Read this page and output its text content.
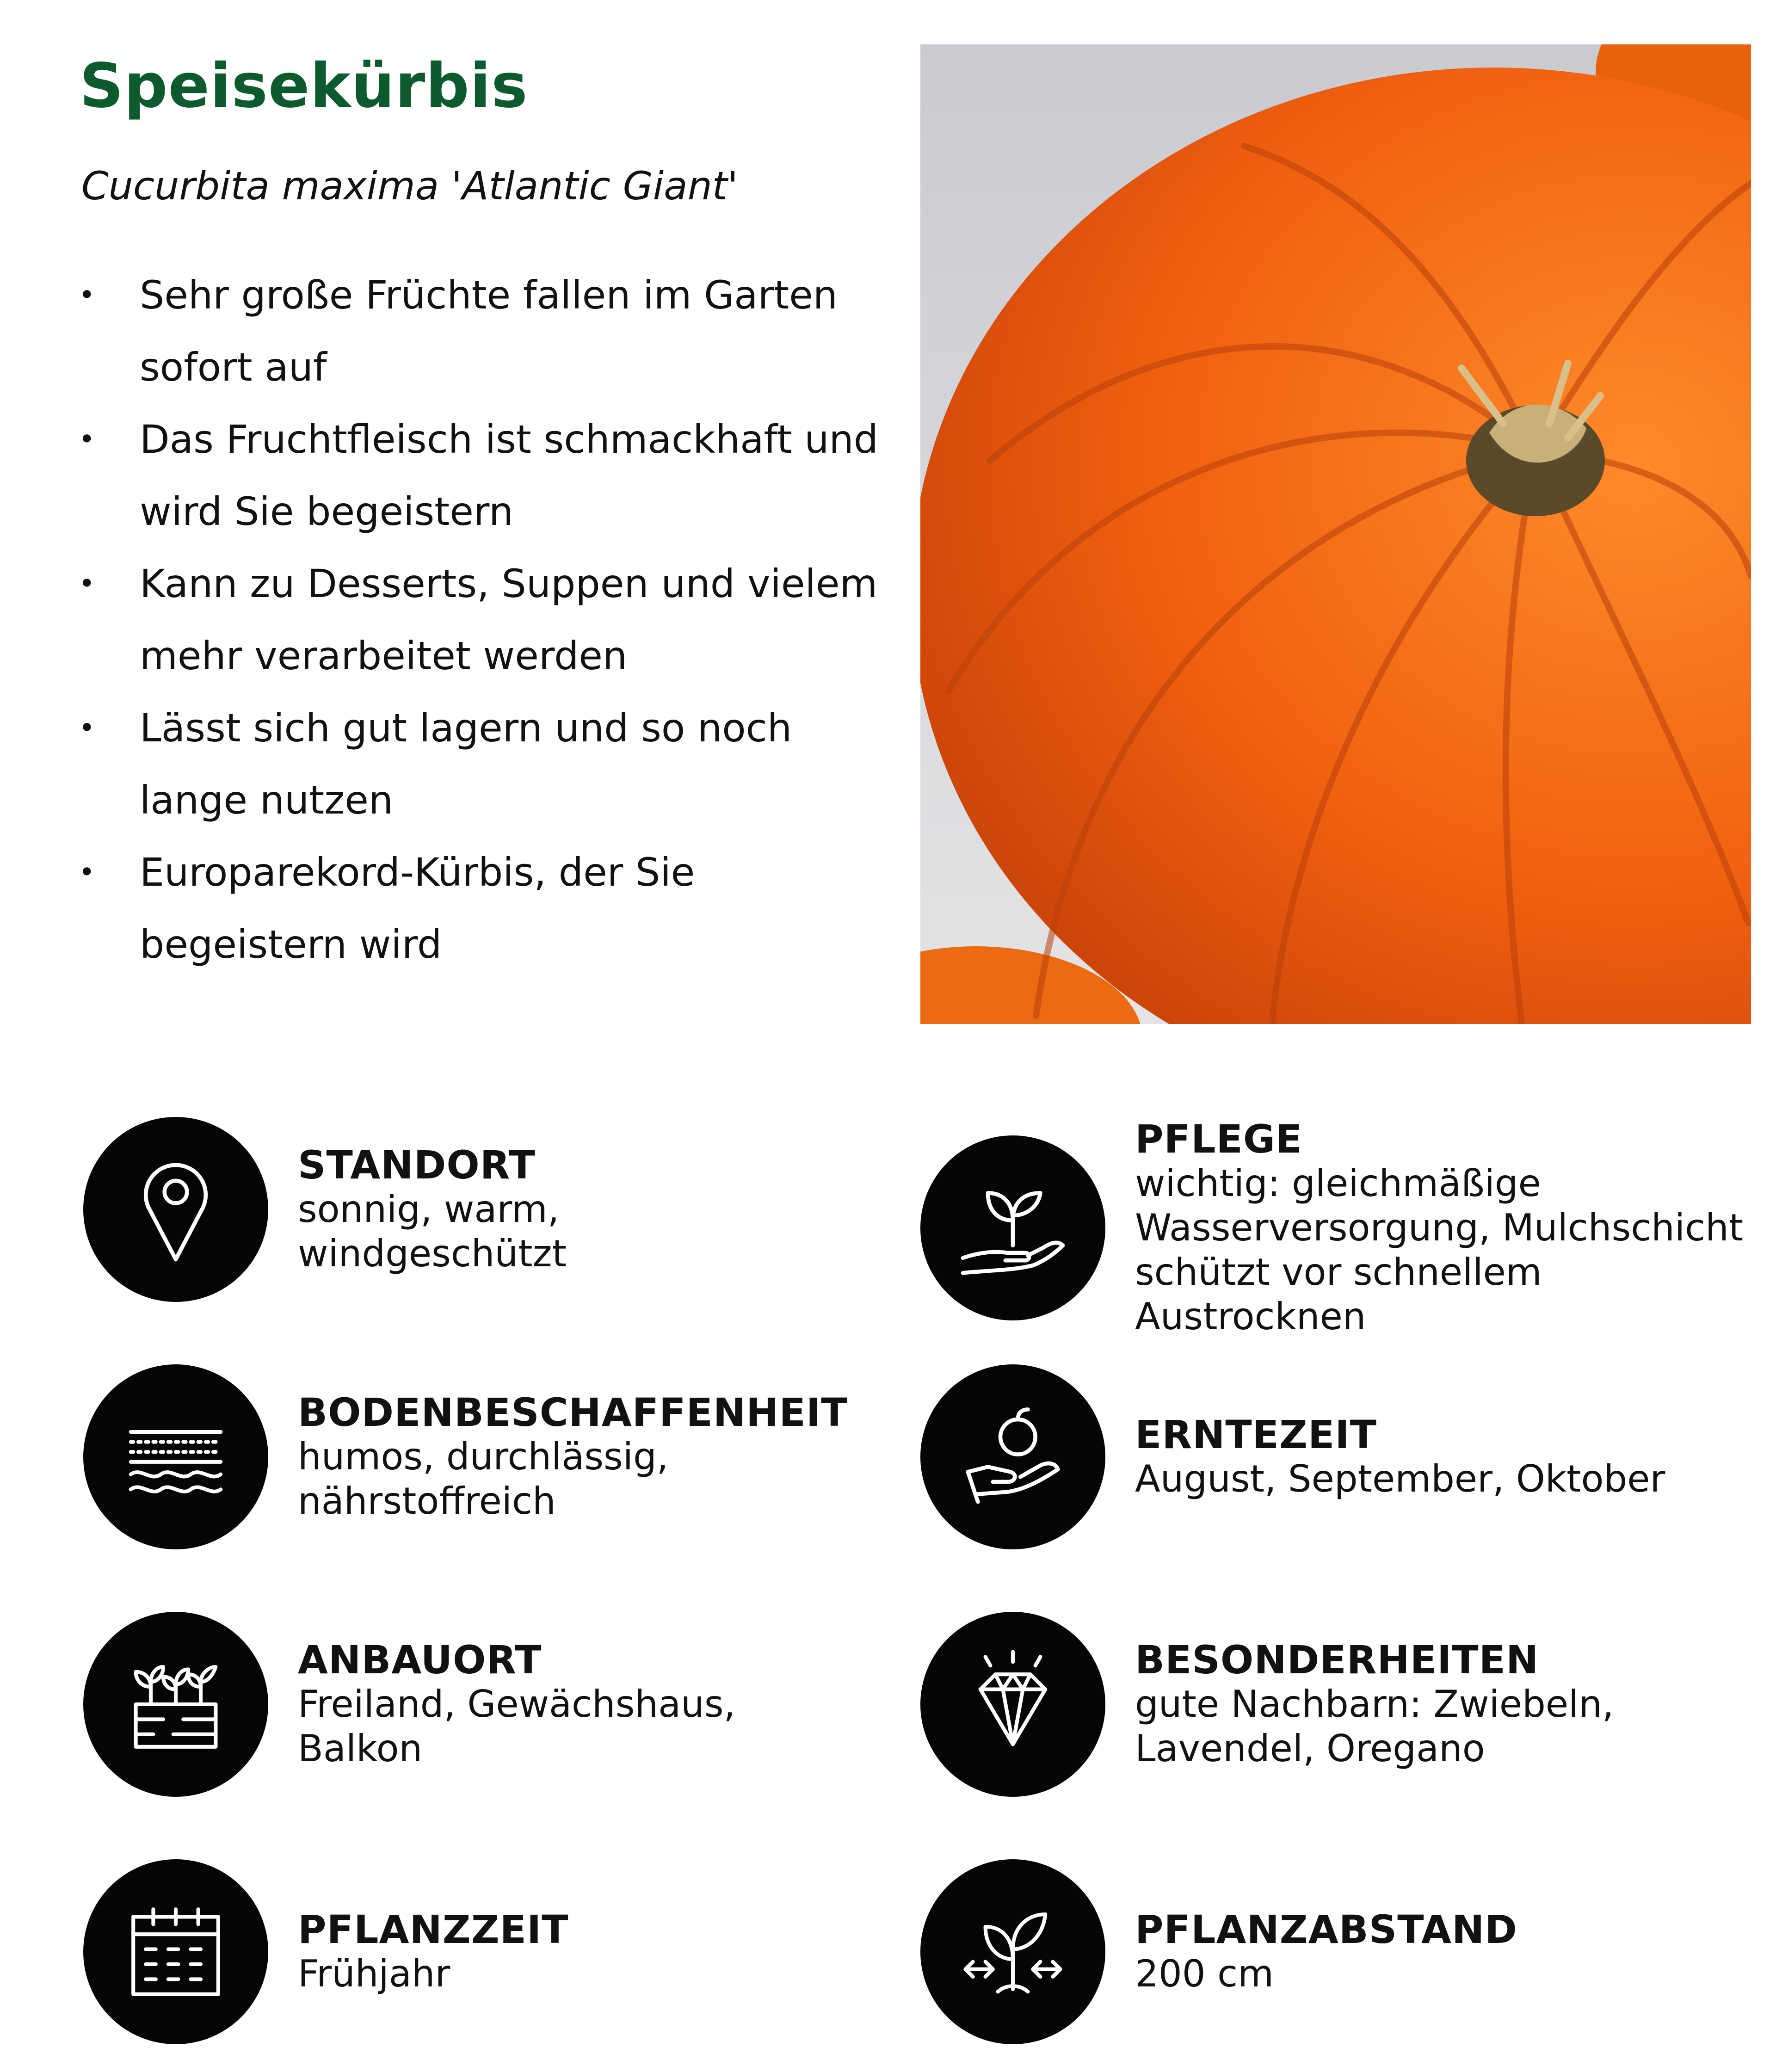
Speisekürbis
Cucurbita maxima 'Atlantic Giant'
• Sehr große Früchte fallen im Garten sofort auf
• Das Fruchtfleisch ist schmackhaft und wird Sie begeistern
• Kann zu Desserts, Suppen und vielem mehr verarbeitet werden
• Lässt sich gut lagern und so noch lange nutzen
• Europarekord-Kürbis, der Sie begeistern wird
STANDORT
sonnig, warm, windgeschützt
PFLEGE
wichtig: gleichmäßige Wasserversorgung, Mulchschicht schützt vor schnellem Austrocknen
BODENBESCHAFFENHEIT
humos, durchlässig, nährstoffreich
ERNTEZEIT
August, September, Oktober
ANBAUORT
Freiland, Gewächshaus, Balkon
BESONDERHEITEN
gute Nachbarn: Zwiebeln, Lavendel, Oregano
PFLANZZEIT
Frühjahr
PFLANZABSTAND
200 cm
